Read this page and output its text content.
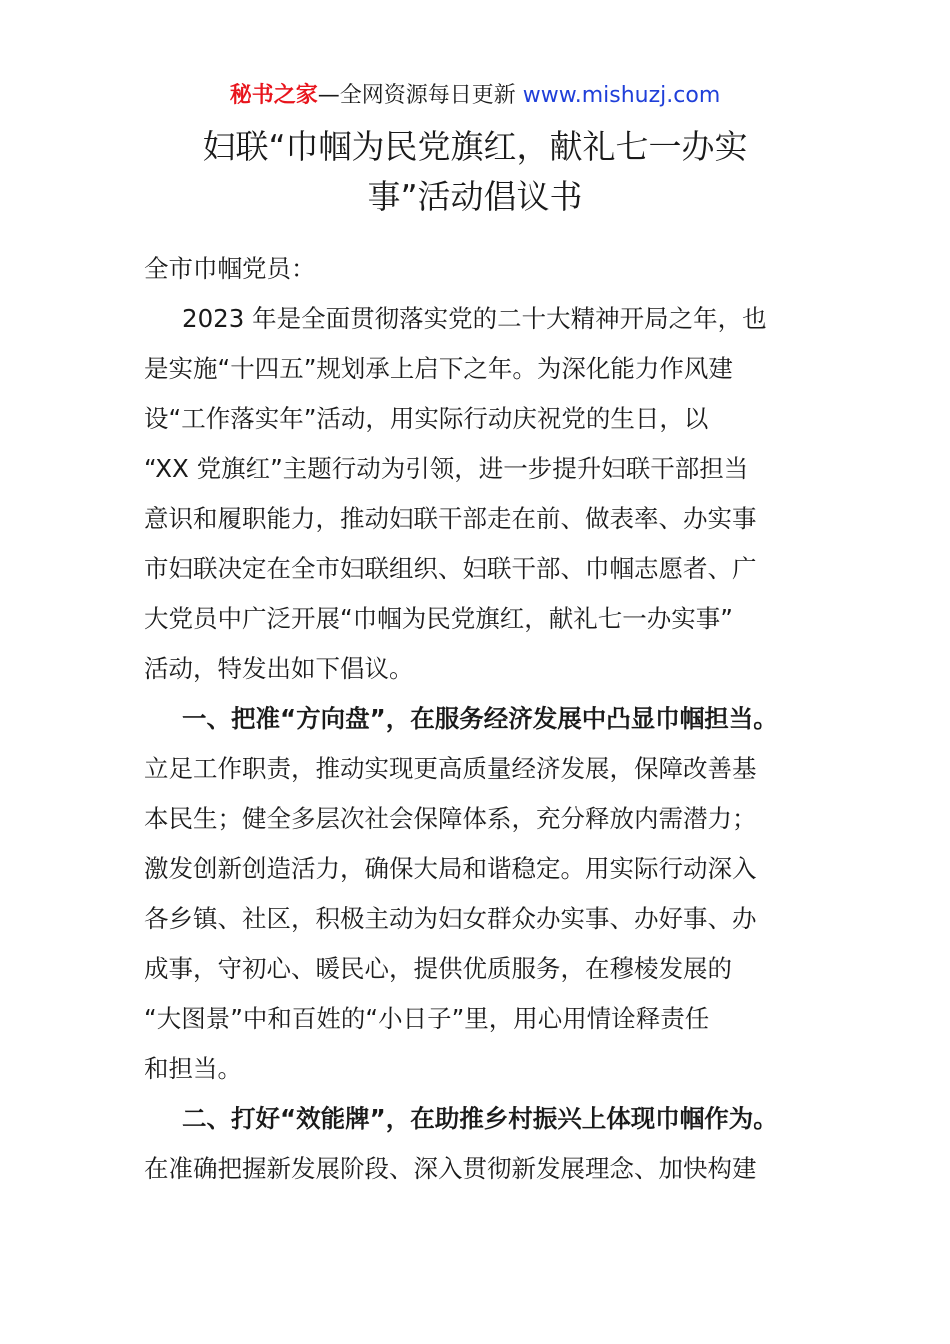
秘书之家—全网资源每日更新 www.mishuzj.com
妇联“巾帼为民党旗红，献礼七一办实
事”活动倡议书
全市巾帼党员：
2023 年是全面贯彻落实党的二十大精神开局之年，也
是实施“十四五”规划承上启下之年。为深化能力作风建
设“工作落实年”活动，用实际行动庆祝党的生日，以
“XX 党旗红”主题行动为引领，进一步提升妇联干部担当
意识和履职能力，推动妇联干部走在前、做表率、办实事
市妇联决定在全市妇联组织、妇联干部、巾帼志愿者、广
大党员中广泛开展“巾帼为民党旗红，献礼七一办实事”
活动，特发出如下倡议。
一、把准“方向盘”，在服务经济发展中凸显巾帼担当。
立足工作职责，推动实现更高质量经济发展，保障改善基
本民生；健全多层次社会保障体系，充分释放内需潜力；
激发创新创造活力，确保大局和谐稳定。用实际行动深入
各乡镇、社区，积极主动为妇女群众办实事、办好事、办
成事，守初心、暖民心，提供优质服务，在穆棱发展的
“大图景”中和百姓的“小日子”里，用心用情诠释责任
和担当。
二、打好“效能牌”，在助推乡村振兴上体现巾帼作为。
在准确把握新发展阶段、深入贯彻新发展理念、加快构建
